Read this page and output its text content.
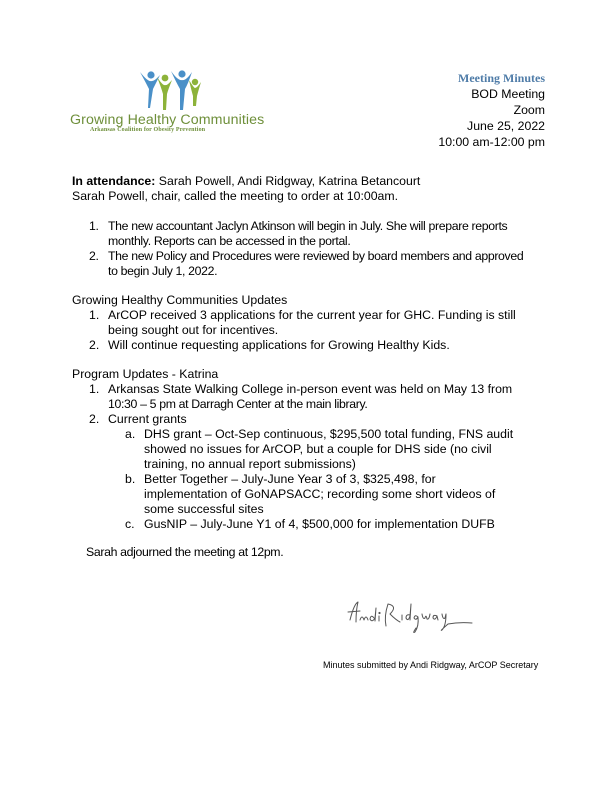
Growing Healthy Communities
Arkansas Coalition for Obesity Prevention
Meeting Minutes
BOD Meeting
Zoom
June 25, 2022
10:00 am-12:00 pm
In attendance: Sarah Powell, Andi Ridgway, Katrina Betancourt
Sarah Powell, chair, called the meeting to order at 10:00am.
1. The new accountant Jaclyn Atkinson will begin in July. She will prepare reports
monthly. Reports can be accessed in the portal.
2. The new Policy and Procedures were reviewed by board members and approved
to begin July 1, 2022.
Growing Healthy Communities Updates
1. ArCOP received 3 applications for the current year for GHC. Funding is still
being sought out for incentives.
2. Will continue requesting applications for Growing Healthy Kids.
Program Updates - Katrina
1. Arkansas State Walking College in-person event was held on May 13 from
10:30 – 5 pm at Darragh Center at the main library.
2. Current grants
a. DHS grant – Oct-Sep continuous, $295,500 total funding, FNS audit
showed no issues for ArCOP, but a couple for DHS side (no civil
training, no annual report submissions)
b. Better Together – July-June Year 3 of 3, $325,498, for
implementation of GoNAPSACC; recording some short videos of
some successful sites
c. GusNIP – July-June Y1 of 4, $500,000 for implementation DUFB
Sarah adjourned the meeting at 12pm.
Minutes submitted by Andi Ridgway, ArCOP Secretary
